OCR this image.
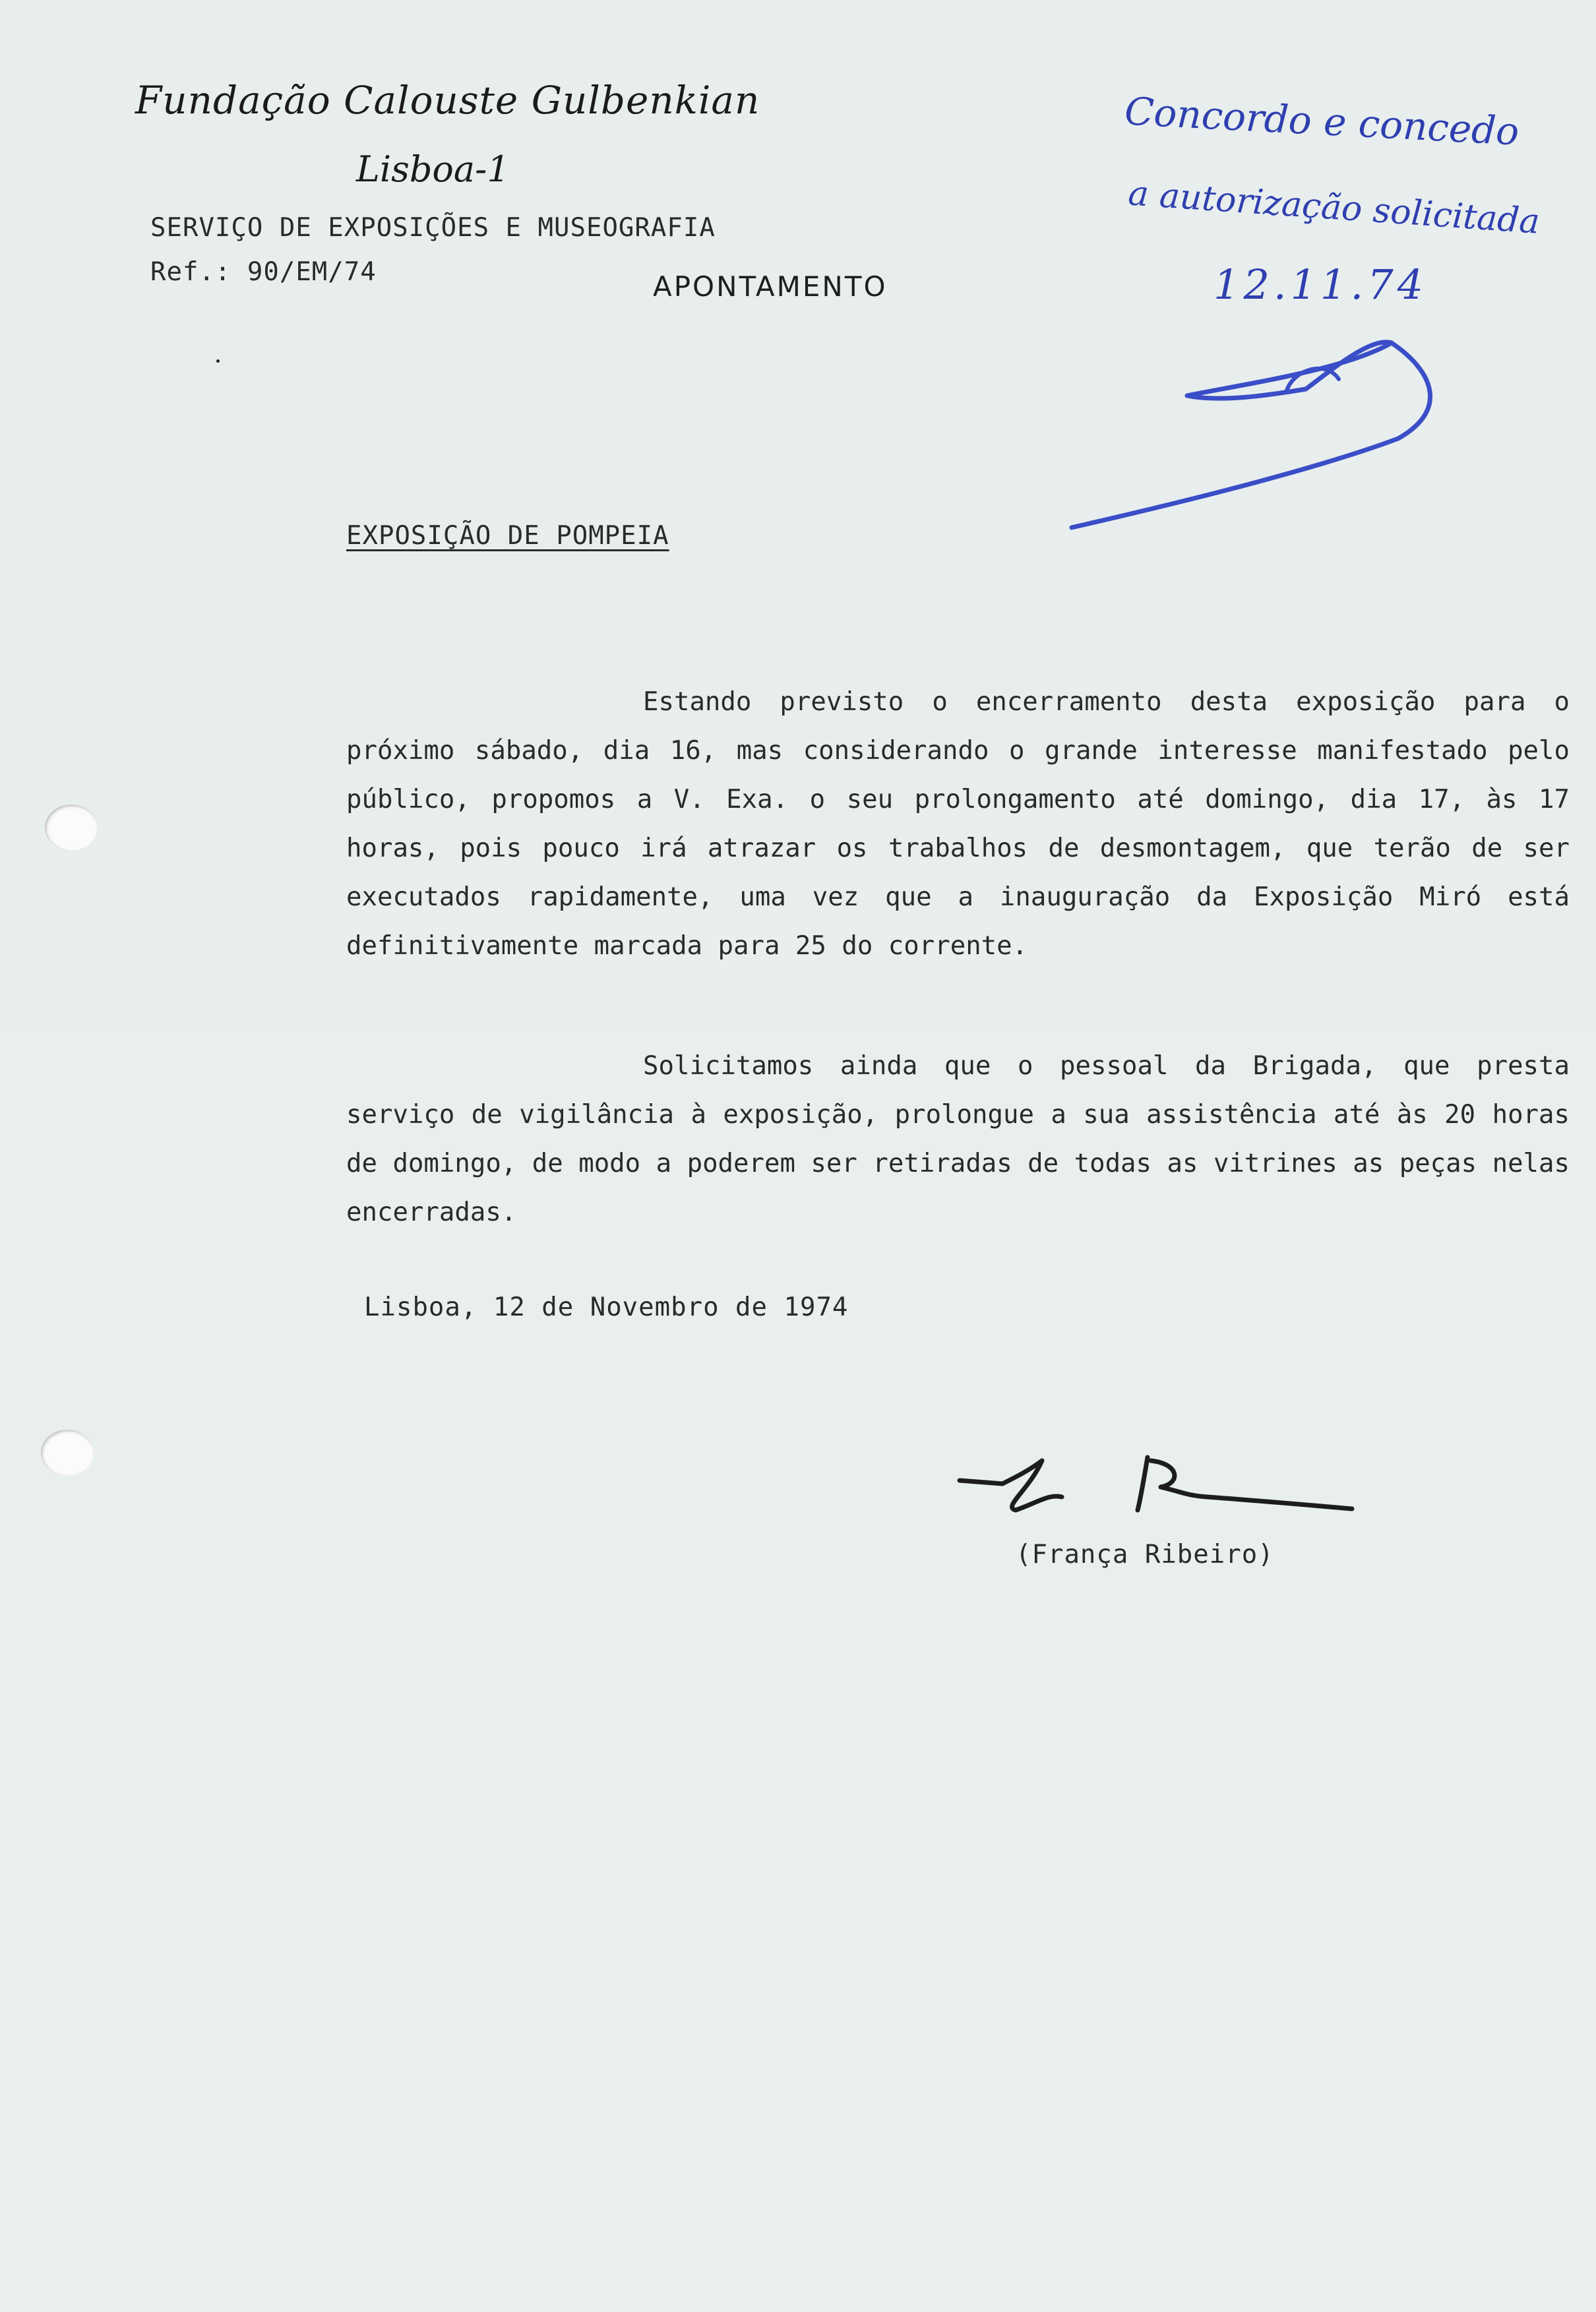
Fundação Calouste Gulbenkian
Lisboa-1
SERVIÇO DE EXPOSIÇÕES E MUSEOGRAFIA
Ref.: 90/EM/74	APONTAMENTO
Concordo e concedo
a autorização solicitada
12.11.74
EXPOSIÇÃO DE POMPEIA

Estando previsto o encerramento desta exposição para o próximo sábado, dia 16, mas considerando o grande interesse manifestado pelo público, propomos a V. Exa. o seu prolongamento até domingo, dia 17, às 17 horas, pois pouco irá atrazar os trabalhos de desmontagem, que terão de ser executados rapidamente, uma vez que a inauguração da Exposição Miró está definitivamente marcada para 25 do corrente.

Solicitamos ainda que o pessoal da Brigada, que presta serviço de vigilância à exposição, prolongue a sua assistência até às 20 horas de domingo, de modo a poderem ser retiradas de todas as vitrines as peças nelas encerradas.

Lisboa, 12 de Novembro de 1974
(França Ribeiro)
